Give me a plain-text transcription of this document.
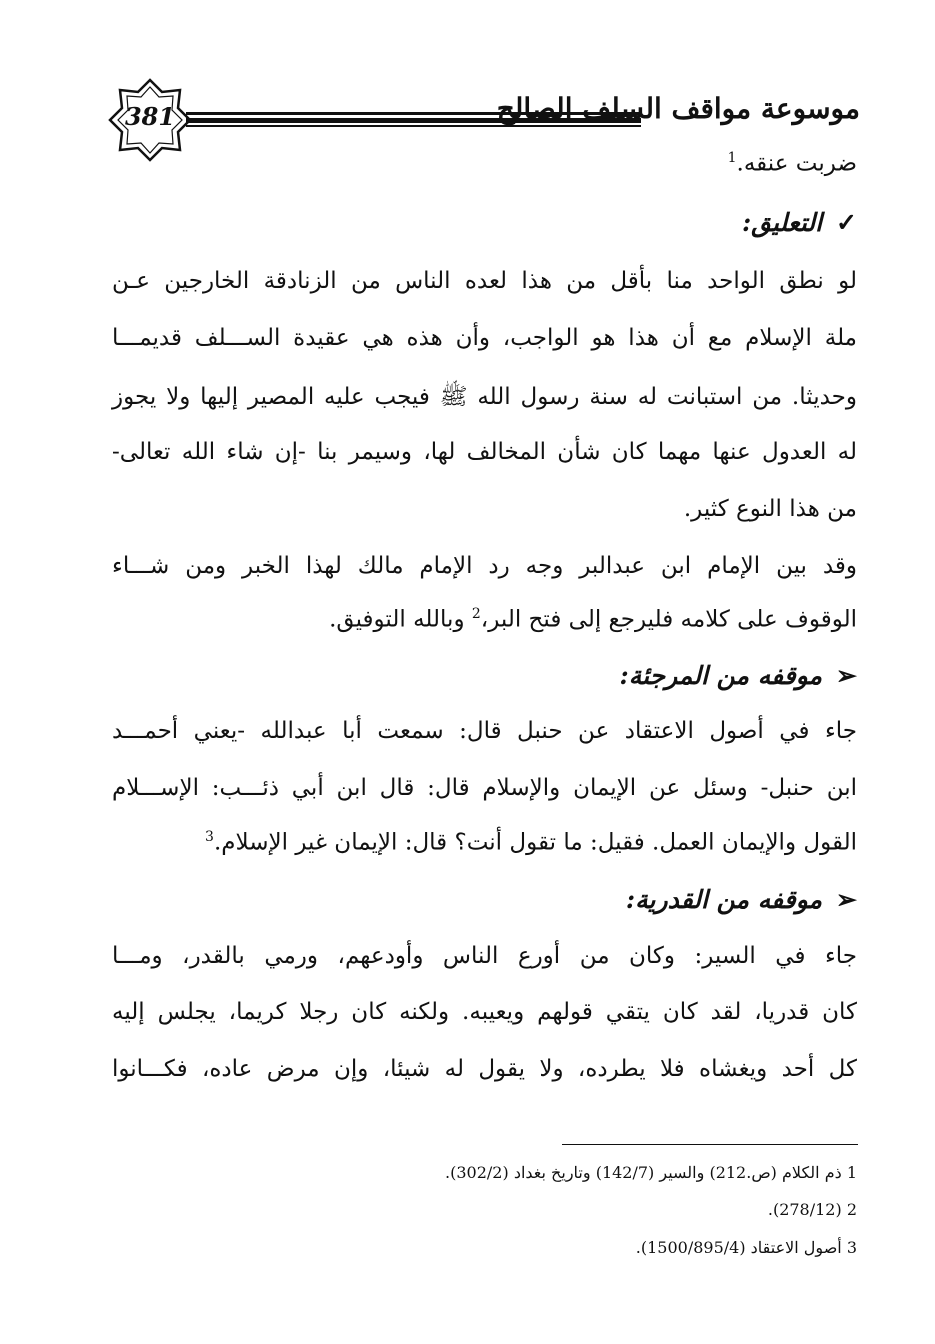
381	موسوعة مواقف السلف الصالح
ضربت عنقه.$^1$
✓التعليق:
لو نطق الواحد منا بأقل من هذا لعده الناس من الزنادقة الخارجين عـن
ملة الإسلام مع أن هذا هو الواجب، وأن هذه هي عقيدة الســـلف قديمـــا
وحديثا. من استبانت له سنة رسول الله ﷺ فيجب عليه المصير إليها ولا يجوز
له العدول عنها مهما كان شأن المخالف لها، وسيمر بنا -إن شاء الله تعالى-
من هذا النوع كثير.
وقد بين الإمام ابن عبدالبر وجه رد الإمام مالك لهذا الخبر ومن شـــاء
الوقوف على كلامه فليرجع إلى فتح البر،$^2$ وبالله التوفيق.
➢موقفه من المرجئة:
جاء في أصول الاعتقاد عن حنبل قال: سمعت أبا عبدالله -يعني أحمـــد
ابن حنبل- وسئل عن الإيمان والإسلام قال: قال ابن أبي ذئـــب: الإســـلام
القول والإيمان العمل. فقيل: ما تقول أنت؟ قال: الإيمان غير الإسلام.$^3$
➢موقفه من القدرية:
جاء في السير: وكان من أورع الناس وأودعهم، ورمي بالقدر، ومـــا
كان قدريا، لقد كان يتقي قولهم ويعيبه. ولكنه كان رجلا كريما، يجلس إليه
كل أحد ويغشاه فلا يطرده، ولا يقول له شيئا، وإن مرض عاده، فكـــانوا
1 ذم الكلام (ص.212) والسير (142/7) وتاريخ بغداد (302/2).
2 (278/12).
3 أصول الاعتقاد (1500/895/4).
